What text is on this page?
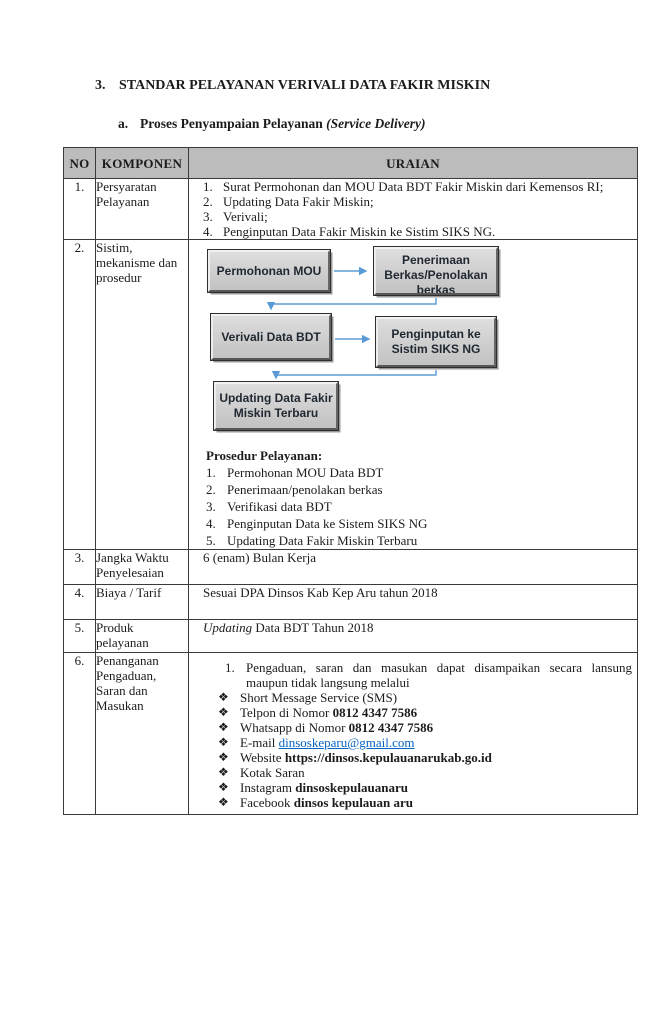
3. STANDAR PELAYANAN VERIVALI DATA FAKIR MISKIN
a. Proses Penyampaian Pelayanan (Service Delivery)
NO	KOMPONEN	URAIAN
1.	Persyaratan Pelayanan	
1. Surat Permohonan dan MOU Data BDT Fakir Miskin dari Kemensos RI;
2. Updating Data Fakir Miskin;
3. Verivali;
4. Penginputan Data Fakir Miskin ke Sistim SIKS NG.

2.	Sistim, mekanisme dan prosedur	Permohonan MOU
Penerimaan
Berkas/Penolakan
berkas
Verivali Data BDT	Penginputan ke
Sistim SIKS NG
Updating Data Fakir
Miskin Terbaru
Prosedur Pelayanan:
1. Permohonan MOU Data BDT
2. Penerimaan/penolakan berkas
3. Verifikasi data BDT
4. Penginputan Data ke Sistem SIKS NG
5. Updating Data Fakir Miskin Terbaru

3.	Jangka Waktu Penyelesaian	6 (enam) Bulan Kerja

4.	Biaya / Tarif	Sesuai DPA Dinsos Kab Kep Aru tahun 2018

5.	Produk pelayanan	Updating Data BDT Tahun 2018

6.	Penanganan Pengaduan, Saran dan Masukan	
1. Pengaduan, saran dan masukan dapat disampaikan secara lansung maupun tidak langsung melalui
❖ Short Message Service (SMS)
❖ Telpon di Nomor 0812 4347 7586
❖ Whatsapp di Nomor 0812 4347 7586
❖ E-mail dinsoskeparu@gmail.com
❖ Website https://dinsos.kepulauanarukab.go.id
❖ Kotak Saran
❖ Instagram dinsoskepulauanaru
❖ Facebook dinsos kepulauan aru
